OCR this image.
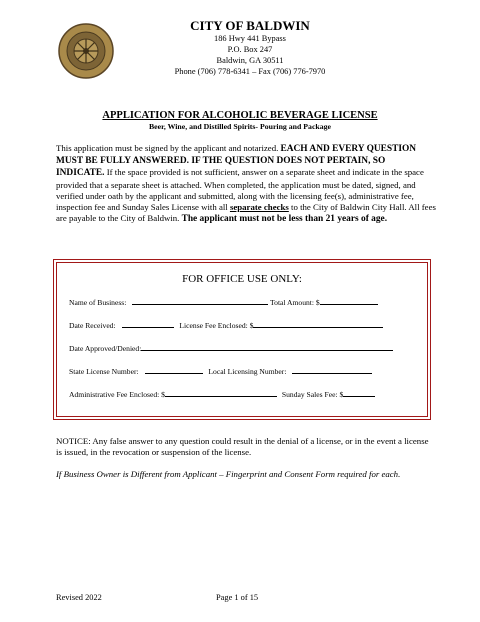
CITY OF BALDWIN
186 Hwy 441 Bypass
P.O. Box 247
Baldwin, GA 30511
Phone (706) 778-6341 – Fax (706) 776-7970
APPLICATION FOR ALCOHOLIC BEVERAGE LICENSE
Beer, Wine, and Distilled Spirits- Pouring and Package
This application must be signed by the applicant and notarized. EACH AND EVERY QUESTION MUST BE FULLY ANSWERED. IF THE QUESTION DOES NOT PERTAIN, SO INDICATE. If the space provided is not sufficient, answer on a separate sheet and indicate in the space provided that a separate sheet is attached. When completed, the application must be dated, signed, and verified under oath by the applicant and submitted, along with the licensing fee(s), administrative fee, inspection fee and Sunday Sales License with all separate checks to the City of Baldwin City Hall. All fees are payable to the City of Baldwin. The applicant must not be less than 21 years of age.
FOR OFFICE USE ONLY:
Name of Business:	Total Amount: $
Date Received:	License Fee Enclosed: $
Date Approved/Denied:
State License Number:	Local Licensing Number:
Administrative Fee Enclosed: $	Sunday Sales Fee: $
NOTICE: Any false answer to any question could result in the denial of a license, or in the event a license is issued, in the revocation or suspension of the license.
If Business Owner is Different from Applicant – Fingerprint and Consent Form required for each.
Revised 2022	Page 1 of 15
